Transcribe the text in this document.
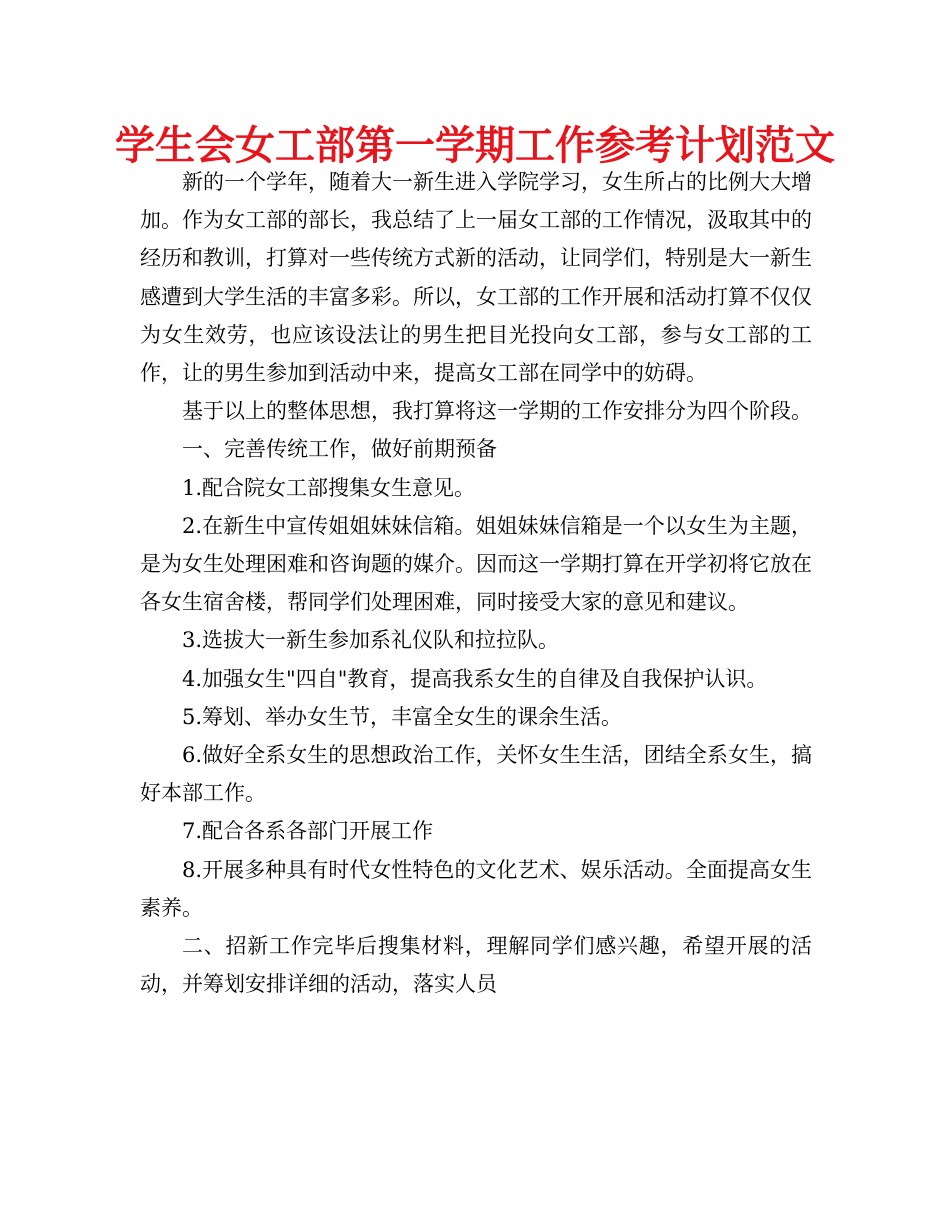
学生会女工部第一学期工作参考计划范文

新的一个学年，随着大一新生进入学院学习，女生所占的比例大大增加。作为女工部的部长，我总结了上一届女工部的工作情况，汲取其中的经历和教训，打算对一些传统方式新的活动，让同学们，特别是大一新生感遭到大学生活的丰富多彩。所以，女工部的工作开展和活动打算不仅仅为女生效劳，也应该设法让的男生把目光投向女工部，参与女工部的工作，让的男生参加到活动中来，提高女工部在同学中的妨碍。

基于以上的整体思想，我打算将这一学期的工作安排分为四个阶段。

一、完善传统工作，做好前期预备

1.配合院女工部搜集女生意见。

2.在新生中宣传姐姐妹妹信箱。姐姐妹妹信箱是一个以女生为主题，是为女生处理困难和咨询题的媒介。因而这一学期打算在开学初将它放在各女生宿舍楼，帮同学们处理困难，同时接受大家的意见和建议。

3.选拔大一新生参加系礼仪队和拉拉队。

4.加强女生"四自"教育，提高我系女生的自律及自我保护认识。

5.筹划、举办女生节，丰富全女生的课余生活。

6.做好全系女生的思想政治工作，关怀女生生活，团结全系女生，搞好本部工作。

7.配合各系各部门开展工作

8.开展多种具有时代女性特色的文化艺术、娱乐活动。全面提高女生素养。

二、招新工作完毕后搜集材料，理解同学们感兴趣，希望开展的活动，并筹划安排详细的活动，落实人员
